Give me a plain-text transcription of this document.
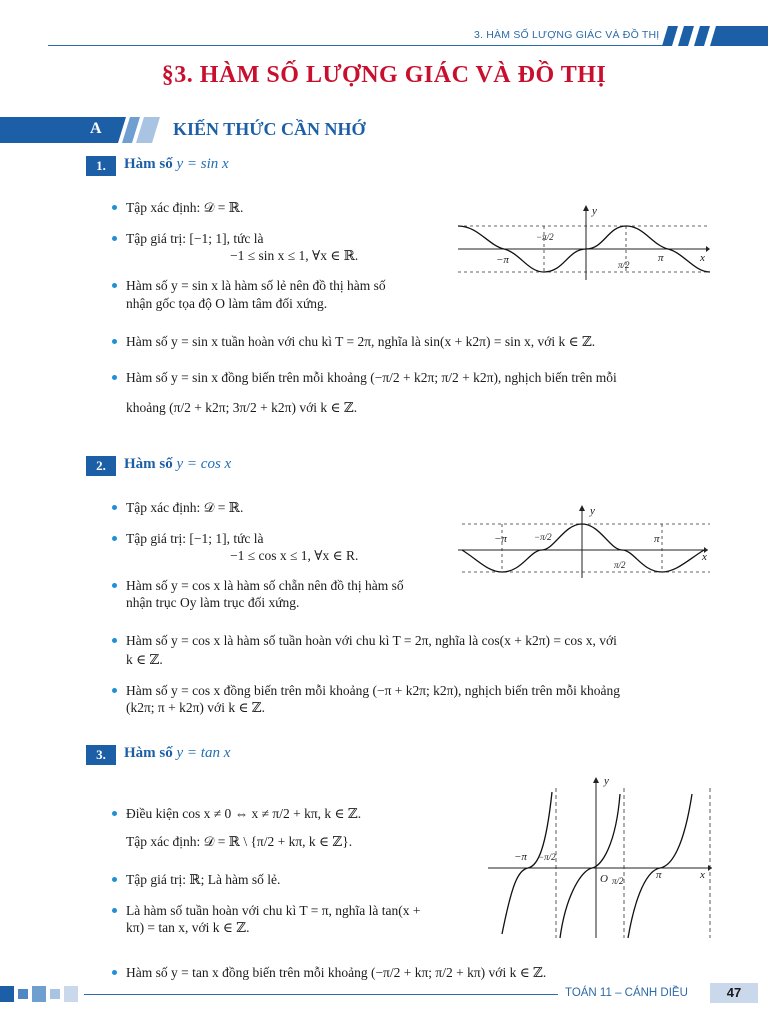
3. HÀM SỐ LƯỢNG GIÁC VÀ ĐỒ THỊ
§3. HÀM SỐ LƯỢNG GIÁC VÀ ĐỒ THỊ
A	KIẾN THỨC CẦN NHỚ
1.	Hàm số y = sin x
Tập xác định: 𝒟 = ℝ.
Tập giá trị: [−1; 1], tức là
−1 ≤ sin x ≤ 1, ∀x ∈ ℝ.
Hàm số y = sin x là hàm số lẻ nên đồ thị hàm số
nhận gốc tọa độ O làm tâm đối xứng.
Hàm số y = sin x tuần hoàn với chu kì T = 2π, nghĩa là sin(x + k2π) = sin x, với k ∈ ℤ.
Hàm số y = sin x đồng biến trên mỗi khoảng (−π/2 + k2π; π/2 + k2π), nghịch biến trên mỗi
khoảng (π/2 + k2π; 3π/2 + k2π) với k ∈ ℤ.
y
x
−π	π
−π/2
π/2
2.	Hàm số y = cos x
Tập xác định: 𝒟 = ℝ.
Tập giá trị: [−1; 1], tức là
−1 ≤ cos x ≤ 1, ∀x ∈ R.
Hàm số y = cos x là hàm số chẵn nên đồ thị hàm số
nhận trục Oy làm trục đối xứng.
Hàm số y = cos x là hàm số tuần hoàn với chu kì T = 2π, nghĩa là cos(x + k2π) = cos x, với
k ∈ ℤ.
Hàm số y = cos x đồng biến trên mỗi khoảng (−π + k2π; k2π), nghịch biến trên mỗi khoảng
(k2π; π + k2π) với k ∈ ℤ.
y
x
−π	π
−π/2
π/2
3.	Hàm số y = tan x
Điều kiện cos x ≠ 0 ⇔ x ≠ π/2 + kπ, k ∈ ℤ.
Tập xác định: 𝒟 = ℝ \ {π/2 + kπ, k ∈ ℤ}.
Tập giá trị: ℝ; Là hàm số lẻ.
Là hàm số tuần hoàn với chu kì T = π, nghĩa là tan(x +
kπ) = tan x, với k ∈ ℤ.
Hàm số y = tan x đồng biến trên mỗi khoảng (−π/2 + kπ; π/2 + kπ) với k ∈ ℤ.
y
x
O
−π
π
−π/2
π/2
TOÁN 11 – CÁNH DIỀU	47
